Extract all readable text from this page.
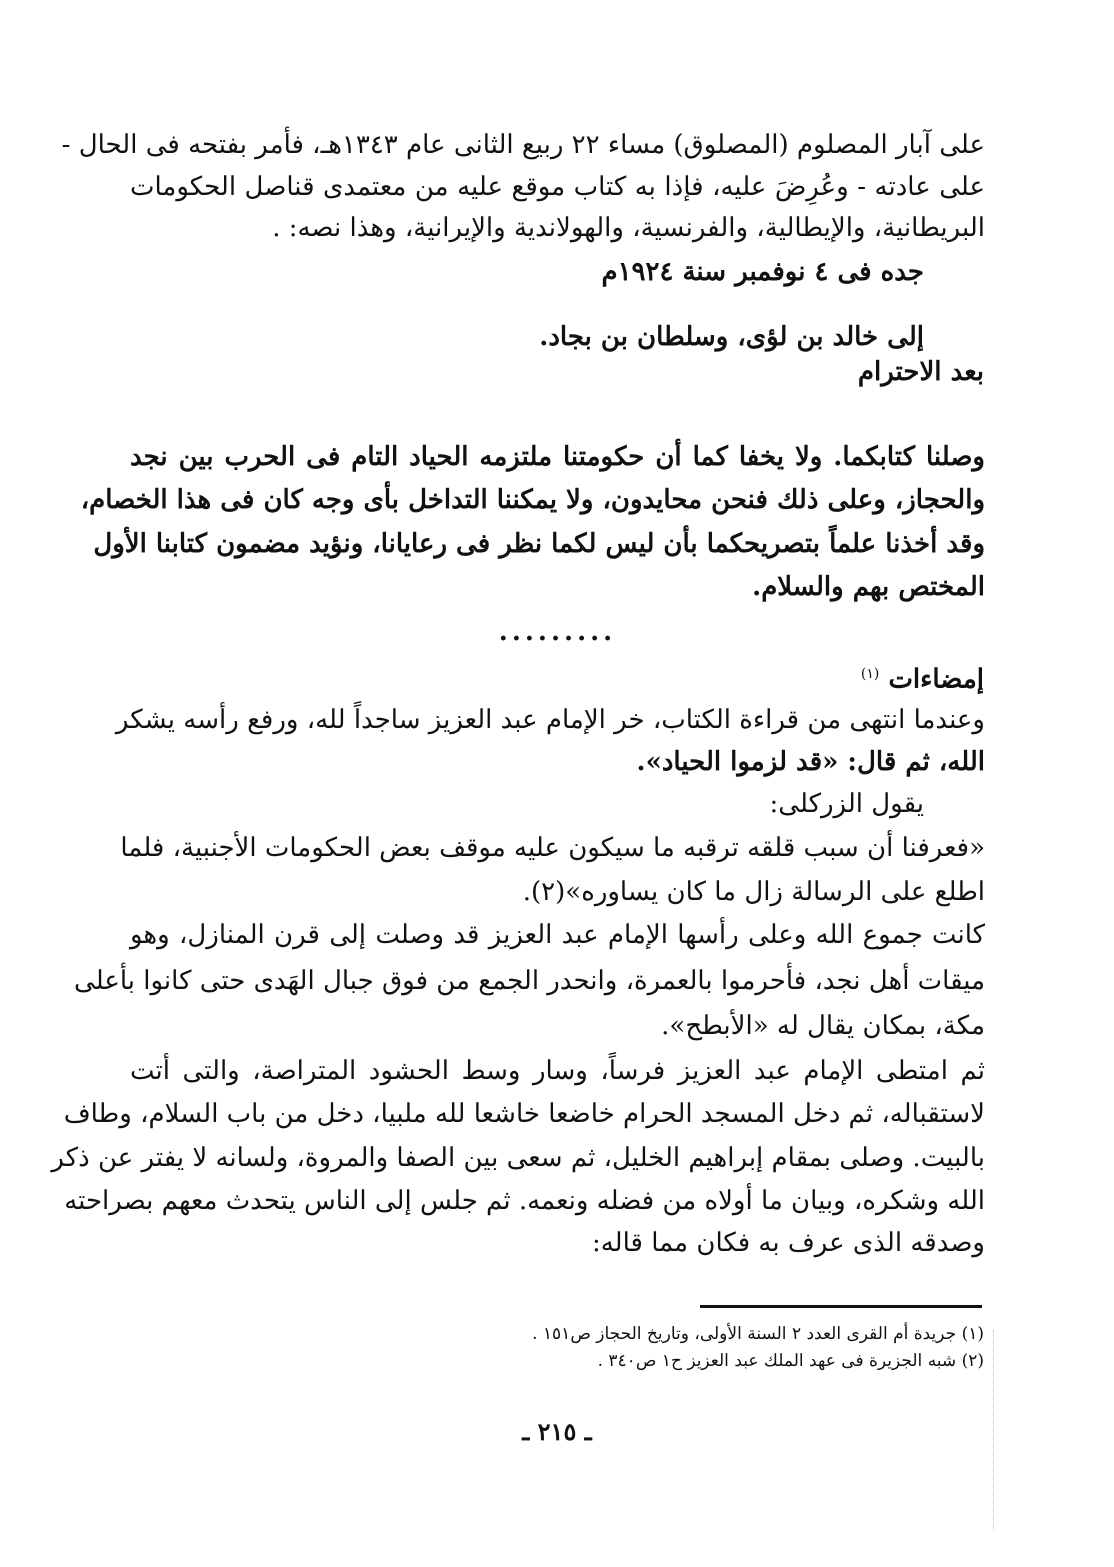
على آبار المصلوم (المصلوق) مساء ٢٢ ربيع الثانى عام ١٣٤٣هـ، فأمر بفتحه فى الحال -
على عادته - وعُرِضَ عليه، فإذا به كتاب موقع عليه من معتمدى قناصل الحكومات
البريطانية، والإيطالية، والفرنسية، والهولاندية والإيرانية، وهذا نصه: .
جده فى ٤ نوفمبر سنة ١٩٢٤م
إلى خالد بن لؤى، وسلطان بن بجاد.
بعد الاحترام
وصلنا كتابكما. ولا يخفا كما أن حكومتنا ملتزمه الحياد التام فى الحرب بين نجد
والحجاز، وعلى ذلك فنحن محايدون، ولا يمكننا التداخل بأى وجه كان فى هذا الخصام،
وقد أخذنا علماً بتصريحكما بأن ليس لكما نظر فى رعايانا، ونؤيد مضمون كتابنا الأول
المختص بهم والسلام.
.........
إمضاءات $^{(١)}$
وعندما انتهى من قراءة الكتاب، خر الإمام عبد العزيز ساجداً لله، ورفع رأسه يشكر
الله، ثم قال: «قد لزموا الحياد».
يقول الزركلى:
«فعرفنا أن سبب قلقه ترقبه ما سيكون عليه موقف بعض الحكومات الأجنبية، فلما
اطلع على الرسالة زال ما كان يساوره»(٢).
كانت جموع الله وعلى رأسها الإمام عبد العزيز قد وصلت إلى قرن المنازل، وهو
ميقات أهل نجد، فأحرموا بالعمرة، وانحدر الجمع من فوق جبال الهَدى حتى كانوا بأعلى
مكة، بمكان يقال له «الأبطح».
ثم امتطى الإمام عبد العزيز فرساً، وسار وسط الحشود المتراصة، والتى أتت
لاستقباله، ثم دخل المسجد الحرام خاضعا خاشعا لله ملبيا، دخل من باب السلام، وطاف
بالبيت. وصلى بمقام إبراهيم الخليل، ثم سعى بين الصفا والمروة، ولسانه لا يفتر عن ذكر
الله وشكره، وبيان ما أولاه من فضله ونعمه. ثم جلس إلى الناس يتحدث معهم بصراحته
وصدقه الذى عرف به فكان مما قاله:
(١) جريدة أم القرى العدد ٢ السنة الأولى، وتاريخ الحجاز ص١٥١ .
(٢) شبه الجزيرة فى عهد الملك عبد العزيز ح١ ص٣٤٠ .
ـ ٢١٥ ـ
